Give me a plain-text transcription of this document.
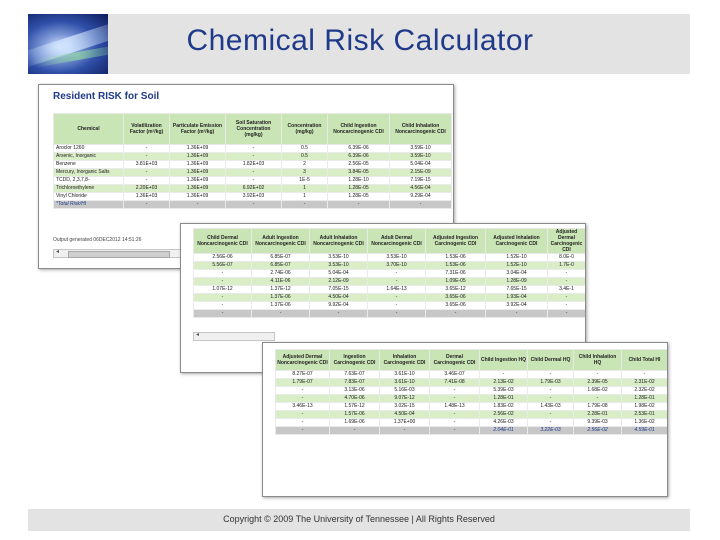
Chemical Risk Calculator
Resident RISK for Soil
Chemical	Volatilization Factor (m³/kg)	Particulate Emission Factor (m³/kg)	Soil Saturation Concentration (mg/kg)	Concentration (mg/kg)	Child Ingestion Noncarcinogenic CDI	Child Inhalation Noncarcinogenic CDI
Aroclor 1260	-	1.36E+09	-	0.5	6.39E-06	3.59E-10
Arsenic, Inorganic	-	1.36E+09	-	0.5	6.39E-06	3.59E-10
Benzene	3.81E+03	1.36E+09	1.82E+03	2	2.56E-05	5.04E-04
Mercury, Inorganic Salts	-	1.36E+09	-	3	3.84E-05	2.15E-09
TCDD, 2,3,7,8-	-	1.36E+09	-	1E-5	1.28E-10	7.19E-15
Trichloroethylene	2.20E+03	1.36E+09	6.92E+02	1	1.28E-05	4.56E-04
Vinyl Chloride	1.36E+03	1.36E+09	3.92E+03	1	1.28E-05	9.29E-04
*Total Risk/HI	-	-	-	-	-	-
Output generated 06DEC2012 14:51:26
◂
Child Dermal Noncarcinogenic CDI	Adult Ingestion Noncarcinogenic CDI	Adult Inhalation Noncarcinogenic CDI	Adult Dermal Noncarcinogenic CDI	Adjusted Ingestion Carcinogenic CDI	Adjusted Inhalation Carcinogenic CDI	Adjusted Dermal Carcinogenic CDI
2.56E-06	6.85E-07	3.53E-10	3.53E-10	1.53E-06	1.52E-10	8.0E-0
5.56E-07	6.85E-07	3.53E-10	3.70E-10	1.53E-06	1.52E-10	1.7E-0
-	2.74E-06	5.04E-04	-	7.31E-06	3.04E-04	-
-	4.11E-06	2.12E-09	-	1.09E-05	1.28E-09	-
1.07E-12	1.37E-12	7.05E-15	1.64E-13	3.65E-12	7.65E-15	3.4E-1
-	1.37E-06	4.50E-04	-	3.65E-06	1.93E-04	-
-	1.37E-06	9.92E-04	-	3.65E-06	3.92E-04	-
-	-	-	-	-	-	-
◂
Adjusted Dermal Noncarcinogenic CDI	Ingestion Carcinogenic CDI	Inhalation Carcinogenic CDI	Dermal Carcinogenic CDI	Child Ingestion HQ	Child Dermal HQ	Child Inhalation HQ	Child Total HI
8.27E-07	7.63E-07	3.61E-10	3.46E-07	-	-	-	-
1.79E-07	7.83E-07	3.61E-10	7.41E-08	2.13E-02	1.79E-03	2.39E-05	2.31E-02
-	3.13E-06	5.16E-03	-	5.39E-03	-	1.68E-02	2.32E-02
-	4.70E-06	9.07E-12	-	1.28E-01	-	-	1.28E-01
3.46E-13	1.57E-12	3.02E-15	1.48E-13	1.83E-02	1.43E-03	1.79E-08	1.98E-02
-	1.57E-06	4.50E-04	-	2.56E-02	-	2.28E-01	2.53E-01
-	1.69E-06	1.37E+00	-	4.26E-03	-	9.39E-03	1.36E-02
-	-	-	-	2.04E-01	3.22E-03	2.56E-02	4.59E-01
Copyright © 2009 The University of Tennessee | All Rights Reserved
